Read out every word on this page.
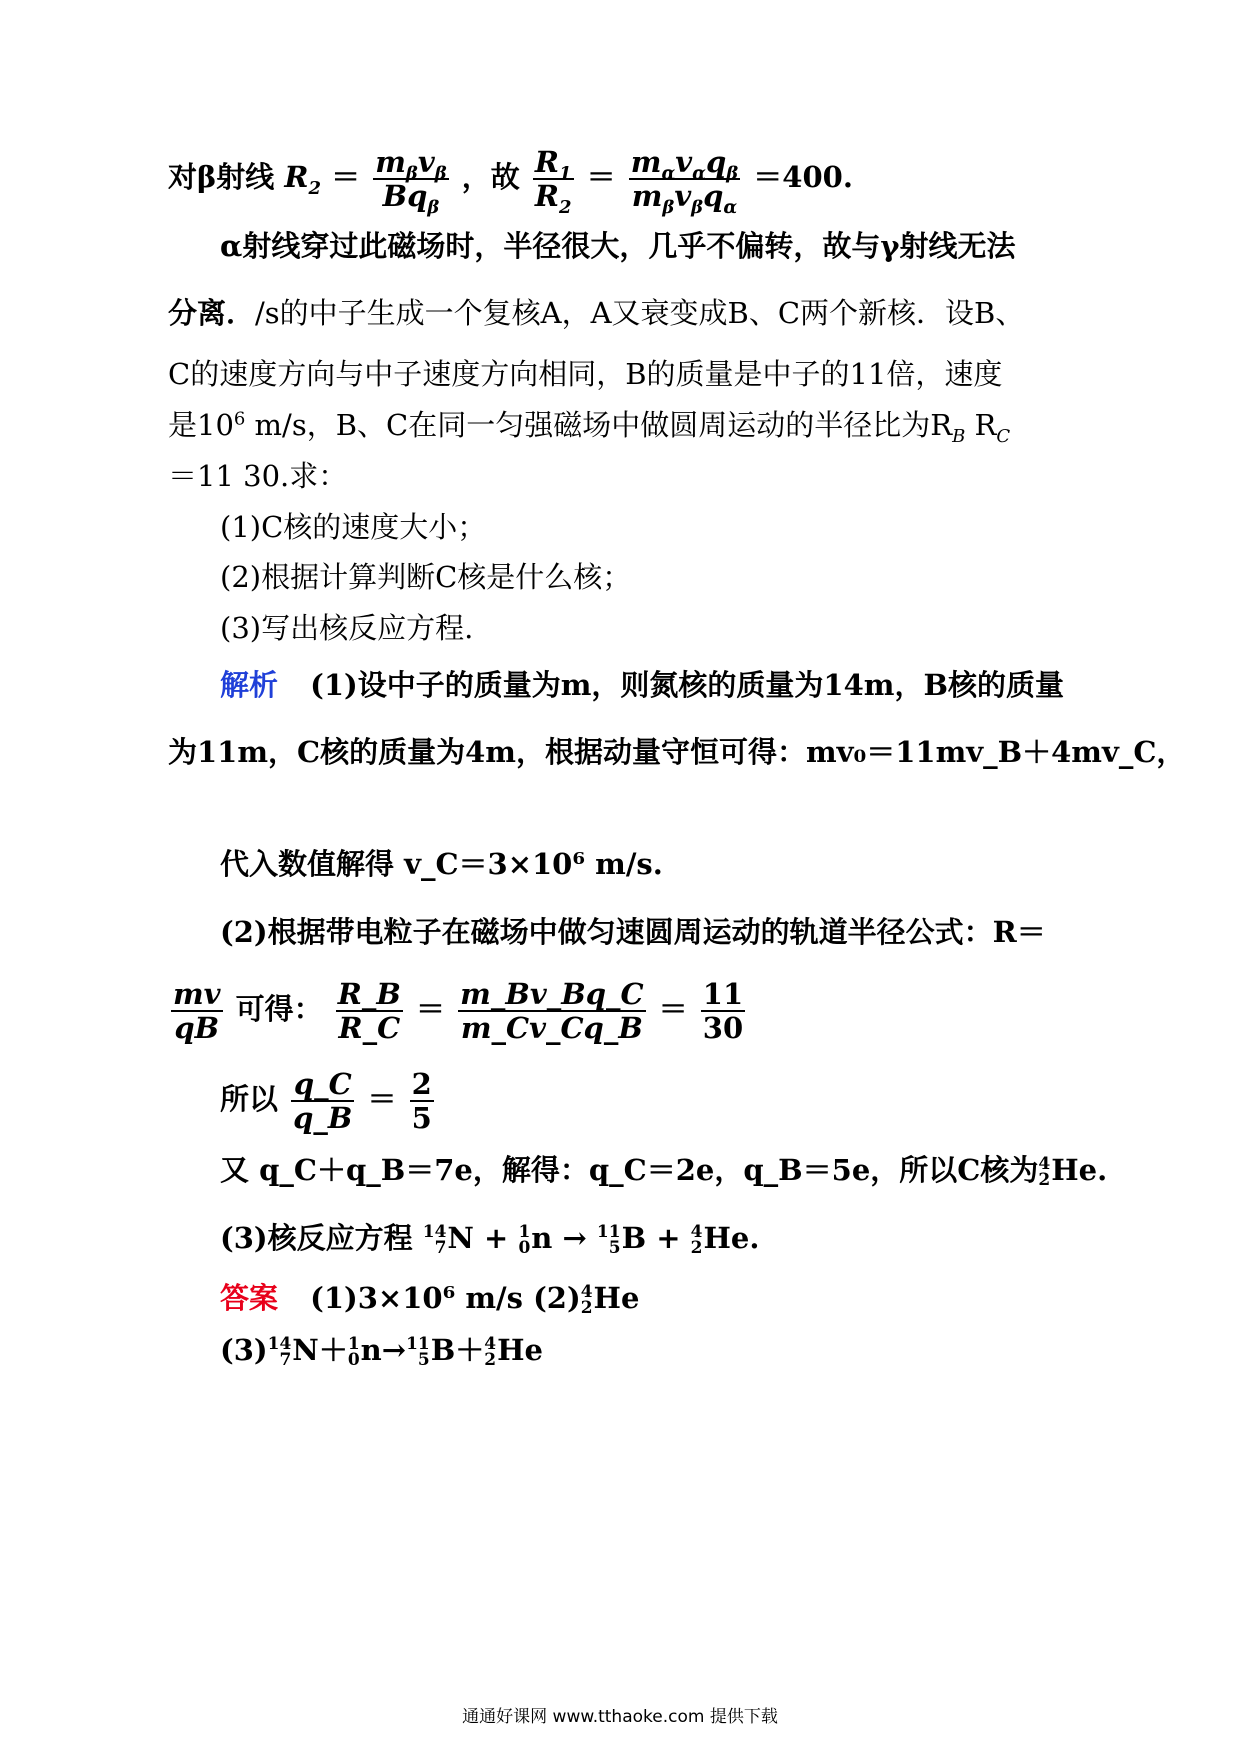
对β射线 $R_2 = \frac{m_\beta v_\beta}{Bq_\beta}$ ，故 $\frac{R_1}{R_2} = \frac{m_\alpha v_\alpha q_\beta}{m_\beta v_\beta q_\alpha} =400$.
α射线穿过此磁场时，半径很大，几乎不偏转，故与γ射线无法
分离．/s的中子生成一个复核A，A又衰变成B、C两个新核．设B、
C的速度方向与中子速度方向相同，B的质量是中子的11倍，速度
是$10^6$ m/s，B、C在同一匀强磁场中做圆周运动的半径比为$R_B$ $R_C$
＝11 30.求：
(1)C核的速度大小；
(2)根据计算判断C核是什么核；
(3)写出核反应方程.
解析 (1)设中子的质量为m，则氮核的质量为14m，B核的质量
为11m，C核的质量为4m，根据动量守恒可得：mv₀＝11mv_B＋4mv_C，
代入数值解得 v_C＝3×10⁶ m/s.
(2)根据带电粒子在磁场中做匀速圆周运动的轨道半径公式：R＝
$\frac{mv}{qB}$ 可得： $\frac{R\_B}{R\_C} = \frac{m\_Bv\_Bq\_C}{m\_Cv\_Cq\_B} = \frac{11}{30}$
所以 $\frac{q\_C}{q\_B} = \frac{2}{5}$
又 q_C＋q_B＝7e，解得：q_C＝2e，q_B＝5e，所以C核为 4
2 He.
(3)核反应方程 14
7 N + 1
0 n → 11
5 B + 4
2 He.
答案 (1)3×10⁶ m/s (2) 4
2 He
(3) 14
7 N＋ 1
0 n→ 11
5 B＋ 4
2 He
通通好课网 www.tthaoke.com 提供下载
